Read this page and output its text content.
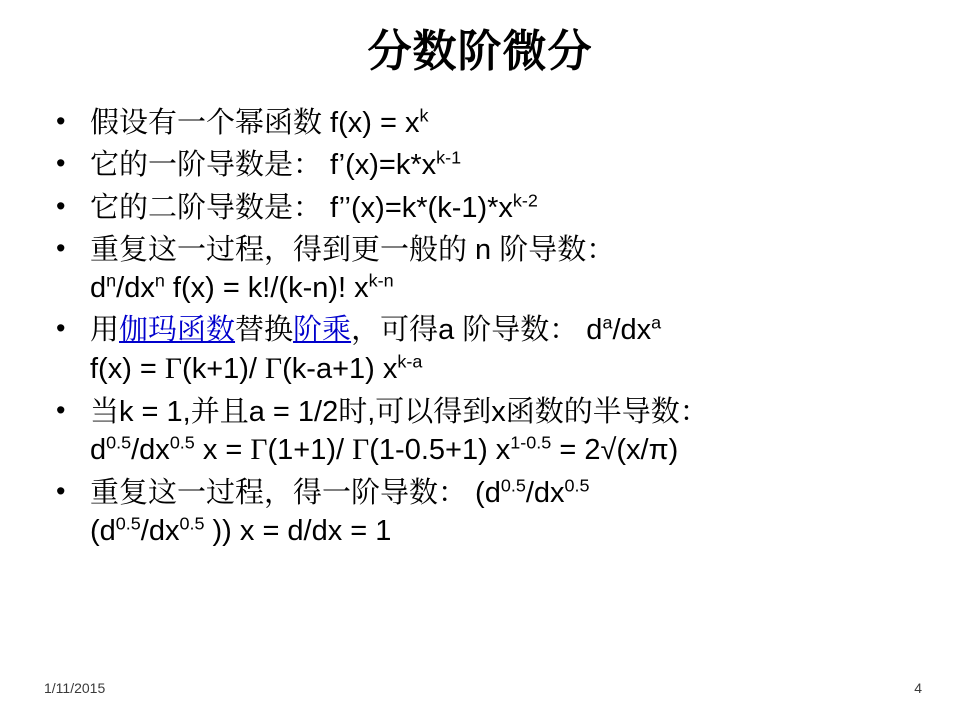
分数阶微分
• 假设有一个幂函数 $f(x) = x^k$
• 它的一阶导数是： $f’(x)=k*x^{k-1}$
• 它的二阶导数是： $f’’(x)=k*(k-1)*x^{k-2}$
• 重复这一过程，得到更一般的 n 阶导数：
$d^n/dx^n$ f(x) = k!/(k-n)! $x^{k-n}$
• 用伽玛函数替换阶乘，可得a 阶导数： $d^a/dx^a$
f(x) = Γ(k+1)/ Γ(k-a+1) $x^{k-a}$
• 当k = 1,并且a = 1/2时,可以得到x函数的半导数：
$d^{0.5}/dx^{0.5}$ x = Γ(1+1)/ Γ(1-0.5+1) $x^{1-0.5} = 2√(x/\pi)$
• 重复这一过程，得一阶导数： ($d^{0.5}/dx^{0.5}$
($d^{0.5}/dx^{0.5}$ )) x = d/dx = 1
1/11/2015	4
